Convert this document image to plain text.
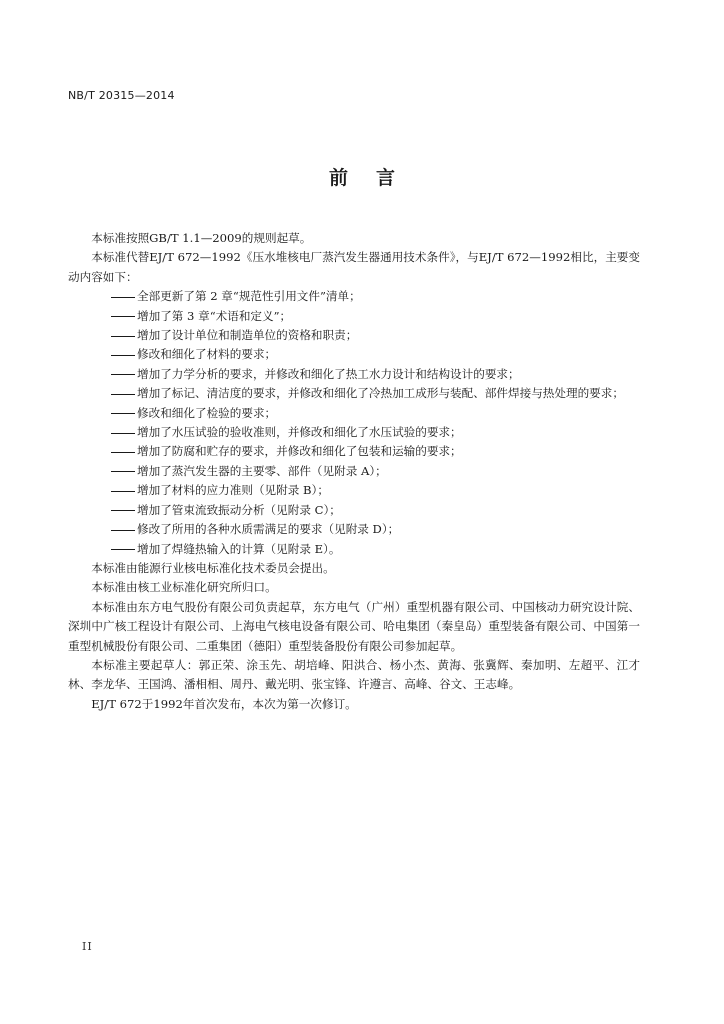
NB/T 20315—2014
前言

本标准按照GB/T 1.1—2009的规则起草。

本标准代替EJ/T 672—1992《压水堆核电厂蒸汽发生器通用技术条件》，与EJ/T 672—1992相比，主要变动内容如下：

全部更新了第 2 章“规范性引用文件”清单；
增加了第 3 章“术语和定义”；
增加了设计单位和制造单位的资格和职责；
修改和细化了材料的要求；
增加了力学分析的要求，并修改和细化了热工水力设计和结构设计的要求；
增加了标记、清洁度的要求，并修改和细化了冷热加工成形与装配、部件焊接与热处理的要求；
修改和细化了检验的要求；
增加了水压试验的验收准则，并修改和细化了水压试验的要求；
增加了防腐和贮存的要求，并修改和细化了包装和运输的要求；
增加了蒸汽发生器的主要零、部件（见附录 A）；
增加了材料的应力准则（见附录 B）；
增加了管束流致振动分析（见附录 C）；
修改了所用的各种水质需满足的要求（见附录 D）；
增加了焊缝热输入的计算（见附录 E）。

本标准由能源行业核电标准化技术委员会提出。

本标准由核工业标准化研究所归口。

本标准由东方电气股份有限公司负责起草，东方电气（广州）重型机器有限公司、中国核动力研究设计院、深圳中广核工程设计有限公司、上海电气核电设备有限公司、哈电集团（秦皇岛）重型装备有限公司、中国第一重型机械股份有限公司、二重集团（德阳）重型装备股份有限公司参加起草。

本标准主要起草人：郭正荣、涂玉先、胡培峰、阳洪合、杨小杰、黄海、张冀辉、秦加明、左超平、江才林、李龙华、王国鸿、潘相相、周丹、戴光明、张宝锋、许遵言、高峰、谷文、王志峰。

EJ/T 672于1992年首次发布，本次为第一次修订。

II
